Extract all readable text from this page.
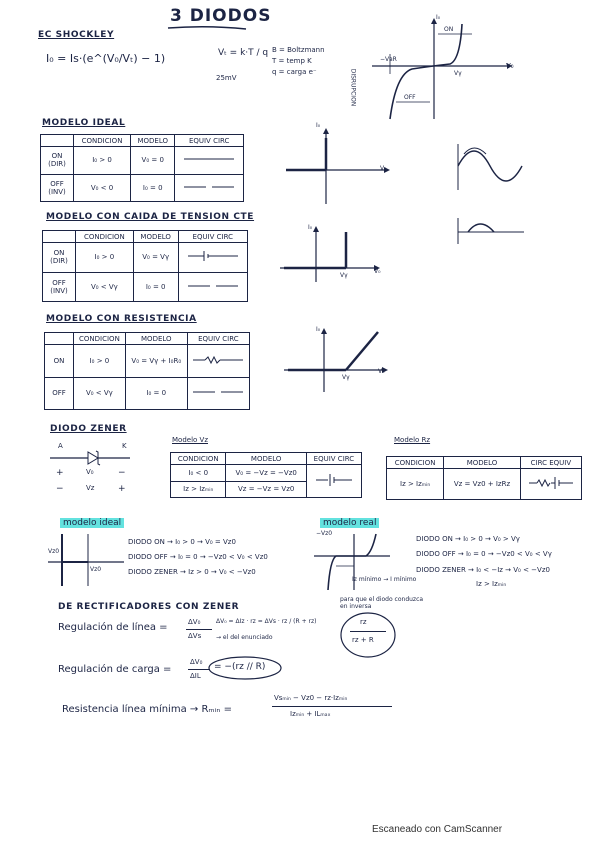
3 DIODOS
EC SHOCKLEY
I₀ = Is·(e^(V₀/Vₜ) − 1)	Vₜ = k·T / q
25mV
B = Boltzmann
T = temp K
q = carga e⁻
I₀
V₀
ON
OFF
−VʙR
Vγ
DISRUPCION
MODELO IDEAL
	CONDICION	MODELO	EQUIV CIRC
ON (DIR)	I₀ > 0	V₀ = 0	
OFF (INV)	V₀ < 0	I₀ = 0	
I₀
V₀
MODELO CON CAIDA DE TENSION CTE
	CONDICION	MODELO	EQUIV CIRC
ON (DIR)	I₀ > 0	V₀ = Vγ	
OFF (INV)	V₀ < Vγ	I₀ = 0	
I₀
V₀
Vγ
MODELO CON RESISTENCIA
	CONDICION	MODELO	EQUIV CIRC
ON	I₀ > 0	V₀ = Vγ + I₀R₀	
OFF	V₀ < Vγ	I₀ = 0	
I₀
V₀
Vγ
DIODO ZENER
A	K
+
−
V₀
Vz
−
+
Modelo Vz
CONDICION	MODELO	EQUIV CIRC
I₀ < 0	V₀ = −Vz = −Vz0	
Iz > Izₘᵢₙ	Vz = −Vz = Vz0	
Modelo Rz
CONDICION	MODELO	CIRC EQUIV
Iz > Izₘᵢₙ	Vz = Vz0 + IzRz	
modelo ideal
Vz0
Vz0
DIODO ON → I₀ > 0 → V₀ = Vz0
DIODO OFF → I₀ = 0 → −Vz0 < V₀ < Vz0
DIODO ZENER → Iz > 0 → V₀ < −Vz0
modelo real
−Vz0
Iz mínimo → I mínimo
para que el diodo conduzca en inversa
DIODO ON → I₀ > 0 → V₀ > Vγ
DIODO OFF → I₀ = 0 → −Vz0 < V₀ < Vγ
DIODO ZENER → I₀ < −Iz → V₀ < −Vz0
Iz > Izₘᵢₙ
DE RECTIFICADORES CON ZENER
Regulación de línea =	ΔV₀
ΔVs → el del enunciado
ΔV₀ = ΔIz · rz = ΔVs · rz / (R + rz)	rz
rz + R
Regulación de carga =
ΔV₀
ΔIL
= −(rz // R)
Resistencia línea mínima → Rₘᵢₙ =
Vsₘᵢₙ − Vz0 − rz·Izₘᵢₙ
Izₘᵢₙ + ILₘₐₓ
Escaneado con CamScanner
